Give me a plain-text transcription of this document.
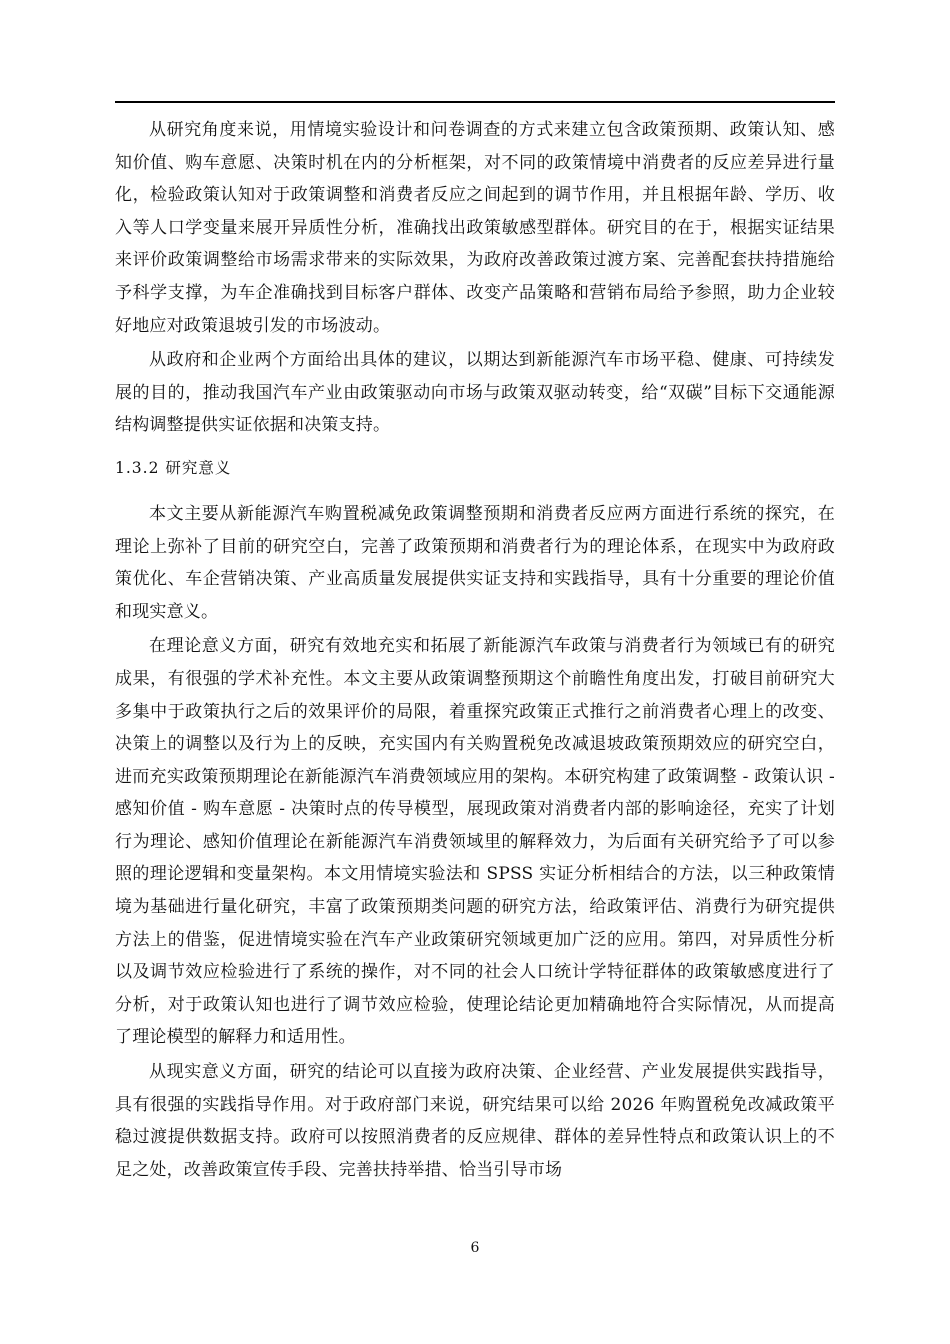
从研究角度来说，用情境实验设计和问卷调查的方式来建立包含政策预期、政策认知、感知价值、购车意愿、决策时机在内的分析框架，对不同的政策情境中消费者的反应差异进行量化，检验政策认知对于政策调整和消费者反应之间起到的调节作用，并且根据年龄、学历、收入等人口学变量来展开异质性分析，准确找出政策敏感型群体。研究目的在于，根据实证结果来评价政策调整给市场需求带来的实际效果，为政府改善政策过渡方案、完善配套扶持措施给予科学支撑，为车企准确找到目标客户群体、改变产品策略和营销布局给予参照，助力企业较好地应对政策退坡引发的市场波动。

从政府和企业两个方面给出具体的建议，以期达到新能源汽车市场平稳、健康、可持续发展的目的，推动我国汽车产业由政策驱动向市场与政策双驱动转变，给“双碳”目标下交通能源结构调整提供实证依据和决策支持。

1.3.2 研究意义

本文主要从新能源汽车购置税减免政策调整预期和消费者反应两方面进行系统的探究，在理论上弥补了目前的研究空白，完善了政策预期和消费者行为的理论体系，在现实中为政府政策优化、车企营销决策、产业高质量发展提供实证支持和实践指导，具有十分重要的理论价值和现实意义。

在理论意义方面，研究有效地充实和拓展了新能源汽车政策与消费者行为领域已有的研究成果，有很强的学术补充性。本文主要从政策调整预期这个前瞻性角度出发，打破目前研究大多集中于政策执行之后的效果评价的局限，着重探究政策正式推行之前消费者心理上的改变、决策上的调整以及行为上的反映，充实国内有关购置税免改减退坡政策预期效应的研究空白，进而充实政策预期理论在新能源汽车消费领域应用的架构。本研究构建了政策调整 - 政策认识 - 感知价值 - 购车意愿 - 决策时点的传导模型，展现政策对消费者内部的影响途径，充实了计划行为理论、感知价值理论在新能源汽车消费领域里的解释效力，为后面有关研究给予了可以参照的理论逻辑和变量架构。本文用情境实验法和 SPSS 实证分析相结合的方法，以三种政策情境为基础进行量化研究，丰富了政策预期类问题的研究方法，给政策评估、消费行为研究提供方法上的借鉴，促进情境实验在汽车产业政策研究领域更加广泛的应用。第四，对异质性分析以及调节效应检验进行了系统的操作，对不同的社会人口统计学特征群体的政策敏感度进行了分析，对于政策认知也进行了调节效应检验，使理论结论更加精确地符合实际情况，从而提高了理论模型的解释力和适用性。

从现实意义方面，研究的结论可以直接为政府决策、企业经营、产业发展提供实践指导，具有很强的实践指导作用。对于政府部门来说，研究结果可以给 2026 年购置税免改减政策平稳过渡提供数据支持。政府可以按照消费者的反应规律、群体的差异性特点和政策认识上的不足之处，改善政策宣传手段、完善扶持举措、恰当引导市场

6
